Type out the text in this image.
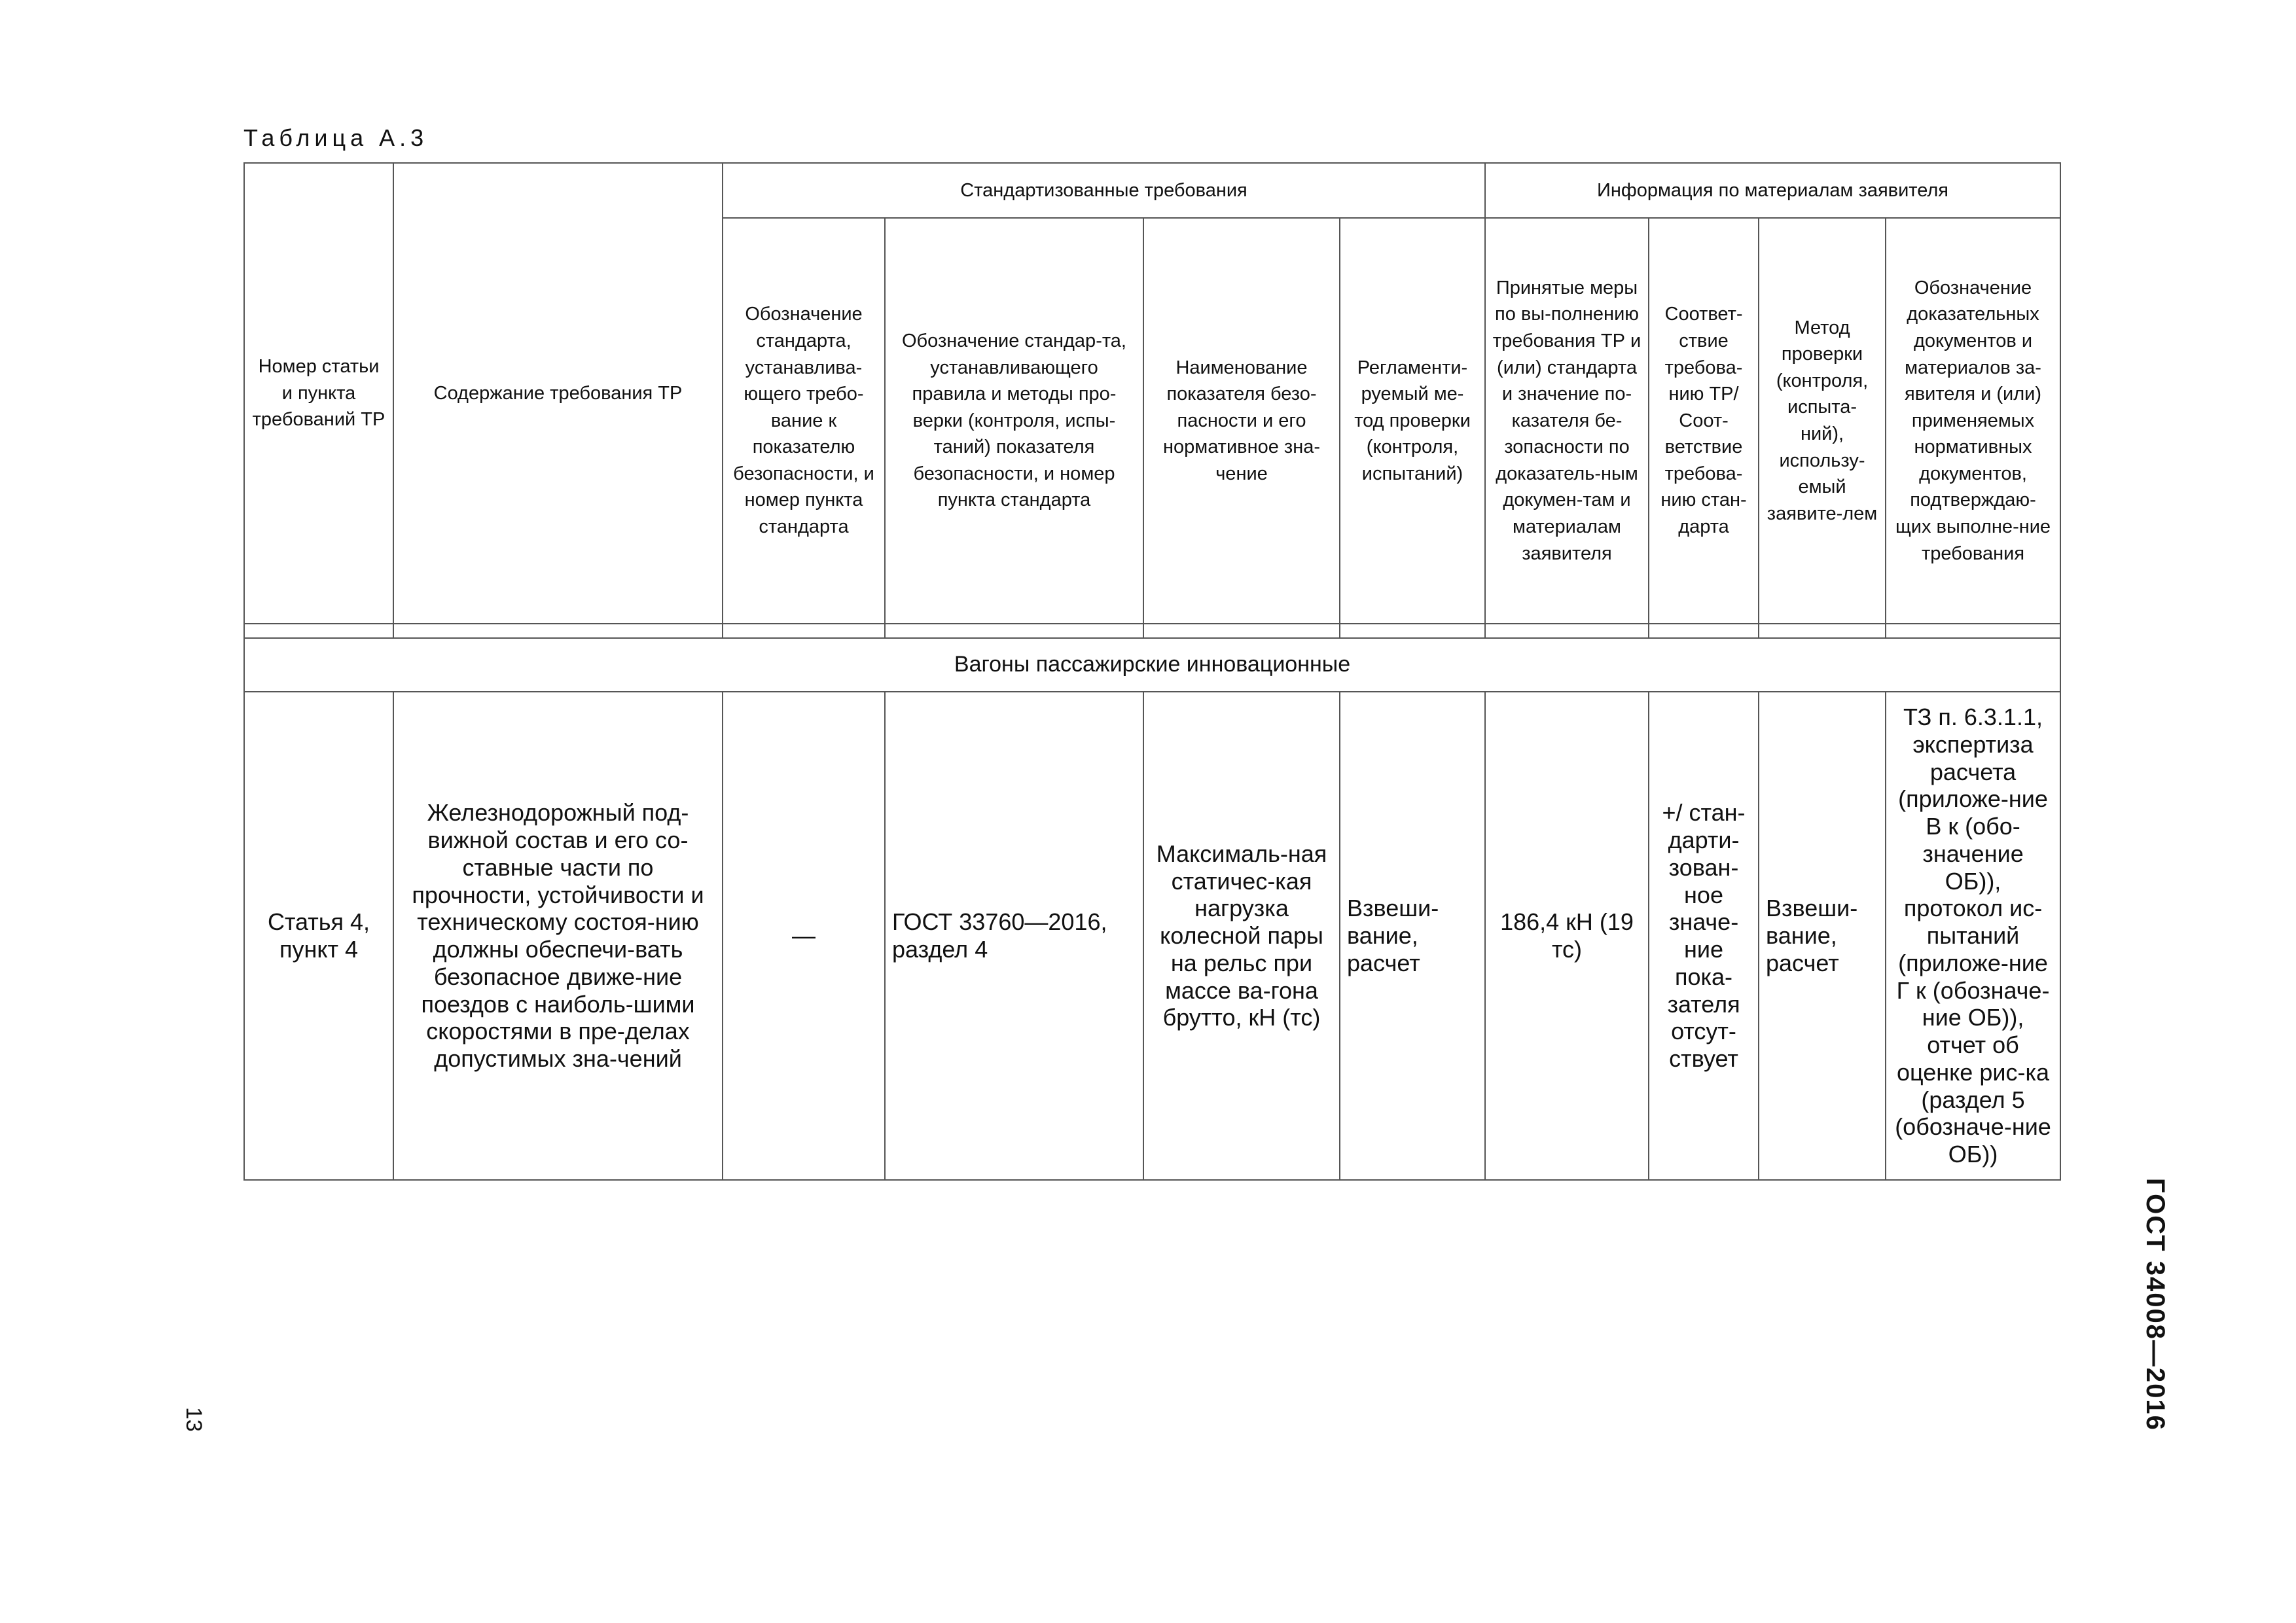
Таблица А.3
Номер статьи и пункта требований ТР	Содержание требования ТР	Стандартизованные требования				Информация по материалам заявителя			
		Обозначение стандарта, устанавлива-ющего требо-вание к показателю безопасности, и номер пункта стандарта	Обозначение стандар-та, устанавливающего правила и методы про-верки (контроля, испы-таний) показателя безопасности, и номер пункта стандарта	Наименование показателя безо-пасности и его нормативное зна-чение	Регламенти-руемый ме-тод проверки (контроля, испытаний)	Принятые меры по вы-полнению требования ТР и (или) стандарта и значение по-казателя бе-зопасности по доказатель-ным докумен-там и материалам заявителя	Соответ-ствие требова-нию ТР/Соот-ветствие требова-нию стан-дарта	Метод проверки (контроля, испыта-ний), использу-емый заявите-лем	Обозначение доказательных документов и материалов за-явителя и (или) применяемых нормативных документов, подтверждаю-щих выполне-ние требования

Вагоны пассажирские инновационные									
Статья 4, пункт 4	Железнодорожный под-вижной состав и его со-ставные части по прочности, устойчивости и техническому состоя-нию должны обеспечи-вать безопасное движе-ние поездов с наиболь-шими скоростями в пре-делах допустимых зна-чений	—	ГОСТ 33760—2016, раздел 4	Максималь-ная статичес-кая нагрузка колесной пары на рельс при массе ва-гона брутто, кН (тс)	Взвеши-вание, расчет	186,4 кН (19 тс)	+/ стан-дарти-зован-ное значе-ние пока-зателя отсут-ствует	Взвеши-вание, расчет	ТЗ п. 6.3.1.1, экспертиза расчета (приложе-ние В к (обо-значение ОБ)), протокол ис-пытаний (приложе-ние Г к (обозначе-ние ОБ)), отчет об оценке рис-ка (раздел 5 (обозначе-ние ОБ))
ГОСТ 34008—2016
13
